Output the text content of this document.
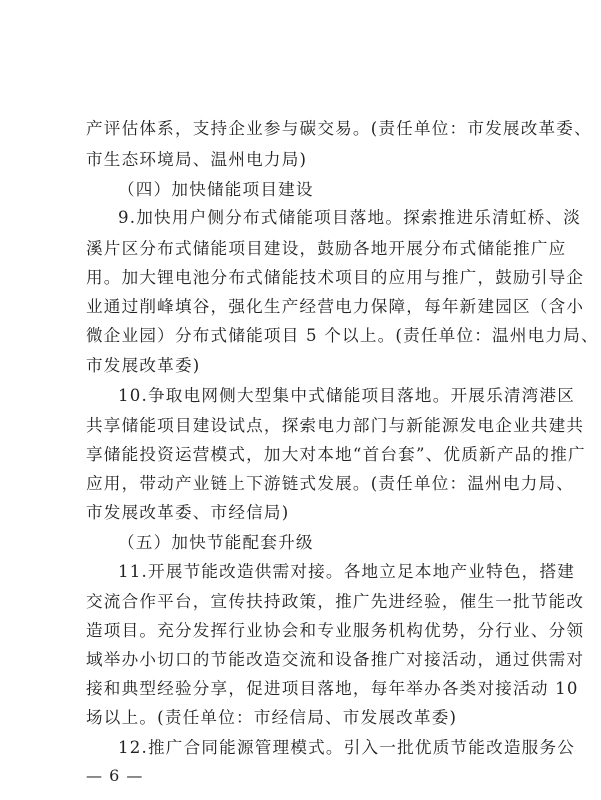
产评估体系，支持企业参与碳交易。(责任单位：市发展改革委、
市生态环境局、温州电力局)
（四）加快储能项目建设
9.加快用户侧分布式储能项目落地。探索推进乐清虹桥、淡
溪片区分布式储能项目建设，鼓励各地开展分布式储能推广应
用。加大锂电池分布式储能技术项目的应用与推广，鼓励引导企
业通过削峰填谷，强化生产经营电力保障，每年新建园区（含小
微企业园）分布式储能项目 5 个以上。(责任单位：温州电力局、
市发展改革委)
10.争取电网侧大型集中式储能项目落地。开展乐清湾港区
共享储能项目建设试点，探索电力部门与新能源发电企业共建共
享储能投资运营模式，加大对本地“首台套”、优质新产品的推广
应用，带动产业链上下游链式发展。(责任单位：温州电力局、
市发展改革委、市经信局)
（五）加快节能配套升级
11.开展节能改造供需对接。各地立足本地产业特色，搭建
交流合作平台，宣传扶持政策，推广先进经验，催生一批节能改
造项目。充分发挥行业协会和专业服务机构优势，分行业、分领
域举办小切口的节能改造交流和设备推广对接活动，通过供需对
接和典型经验分享，促进项目落地，每年举办各类对接活动 10
场以上。(责任单位：市经信局、市发展改革委)
12.推广合同能源管理模式。引入一批优质节能改造服务公
— 6 —
